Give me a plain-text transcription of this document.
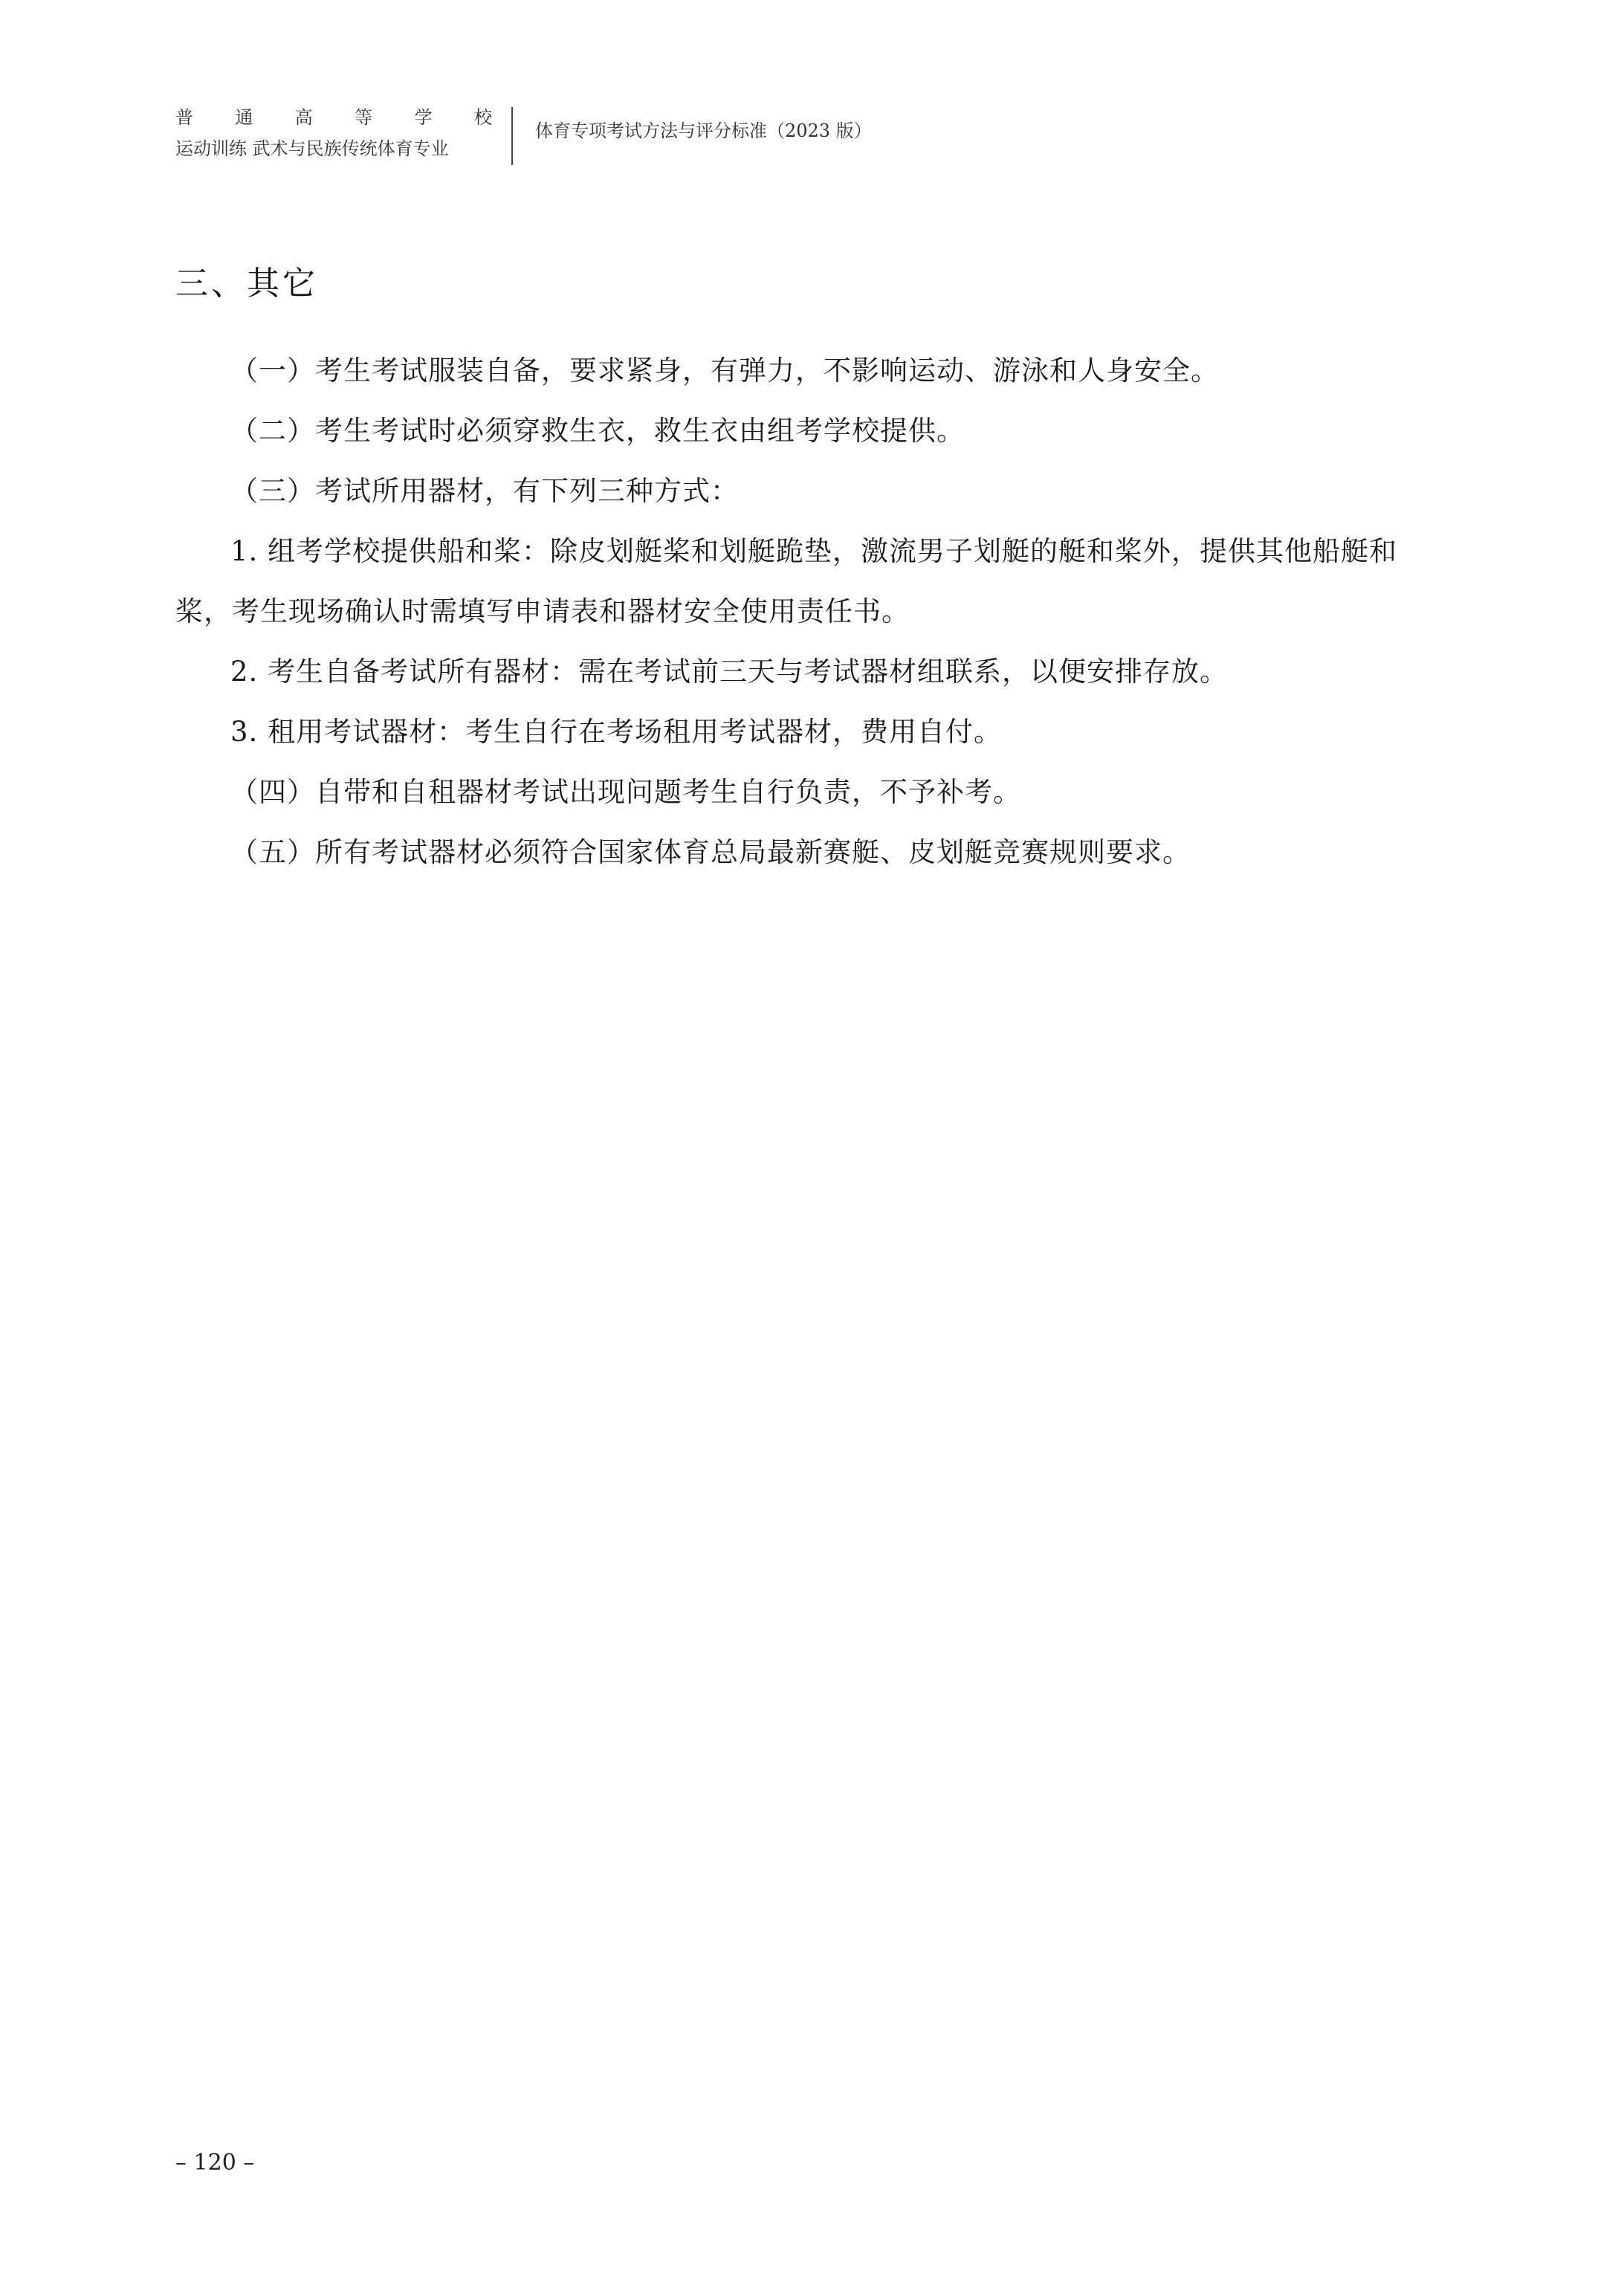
普 通 高 等 学 校
运动训练 武术与民族传统体育专业
体育专项考试方法与评分标准（2023 版）
三、其它

（一）考生考试服装自备，要求紧身，有弹力，不影响运动、游泳和人身安全。

（二）考生考试时必须穿救生衣，救生衣由组考学校提供。

（三）考试所用器材，有下列三种方式：

1. 组考学校提供船和桨：除皮划艇桨和划艇跪垫，激流男子划艇的艇和桨外，提供其他船艇和桨，考生现场确认时需填写申请表和器材安全使用责任书。

2. 考生自备考试所有器材：需在考试前三天与考试器材组联系，以便安排存放。

3. 租用考试器材：考生自行在考场租用考试器材，费用自付。

（四）自带和自租器材考试出现问题考生自行负责，不予补考。

（五）所有考试器材必须符合国家体育总局最新赛艇、皮划艇竞赛规则要求。

– 120 –
